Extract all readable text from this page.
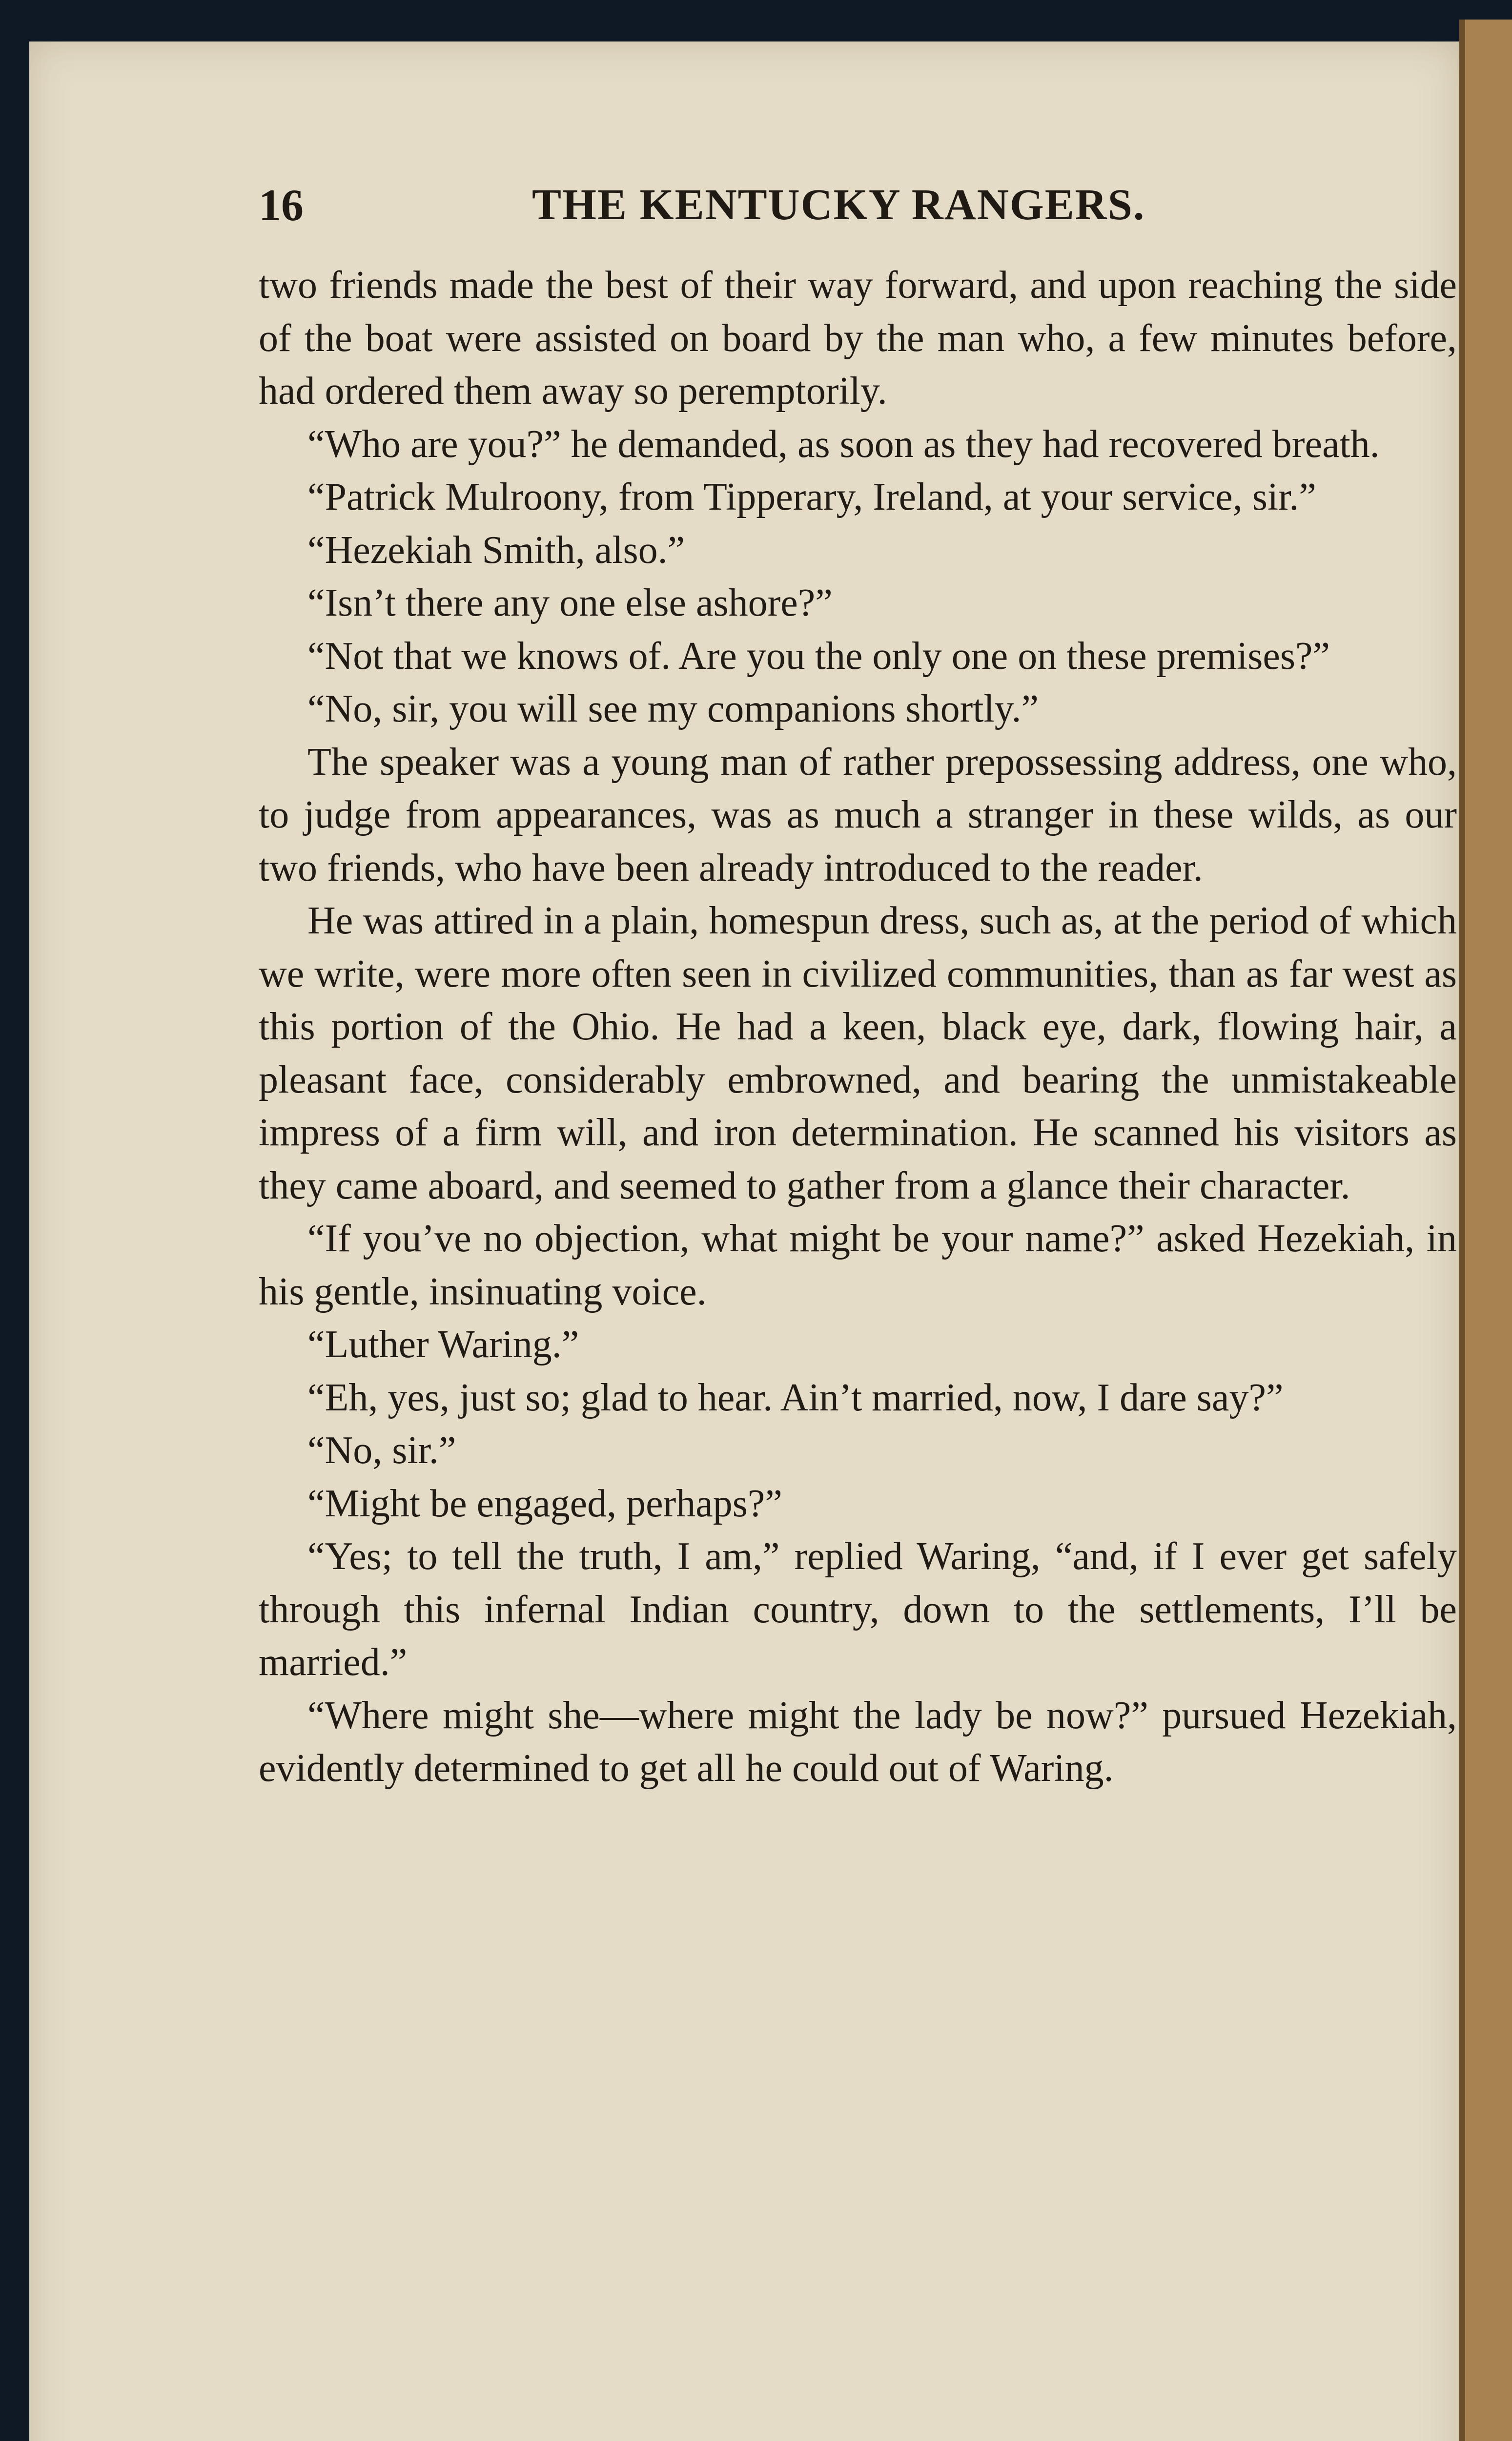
16	THE KENTUCKY RANGERS.

two friends made the best of their way forward, and upon reaching the side of the boat were assisted on board by the man who, a few minutes before, had ordered them away so peremptorily.

“Who are you?” he demanded, as soon as they had recovered breath.

“Patrick Mulroony, from Tipperary, Ireland, at your service, sir.”

“Hezekiah Smith, also.”

“Isn’t there any one else ashore?”

“Not that we knows of. Are you the only one on these premises?”

“No, sir, you will see my companions shortly.”

The speaker was a young man of rather prepossessing address, one who, to judge from appearances, was as much a stranger in these wilds, as our two friends, who have been already introduced to the reader.

He was attired in a plain, homespun dress, such as, at the period of which we write, were more often seen in civilized communities, than as far west as this portion of the Ohio. He had a keen, black eye, dark, flowing hair, a pleasant face, considerably embrowned, and bearing the unmistakeable impress of a firm will, and iron determination. He scanned his visitors as they came aboard, and seemed to gather from a glance their character.

“If you’ve no objection, what might be your name?” asked Hezekiah, in his gentle, insinuating voice.

“Luther Waring.”

“Eh, yes, just so; glad to hear. Ain’t married, now, I dare say?”

“No, sir.”

“Might be engaged, perhaps?”

“Yes; to tell the truth, I am,” replied Waring, “and, if I ever get safely through this infernal Indian country, down to the settlements, I’ll be married.”

“Where might she—where might the lady be now?” pursued Hezekiah, evidently determined to get all he could out of Waring.
